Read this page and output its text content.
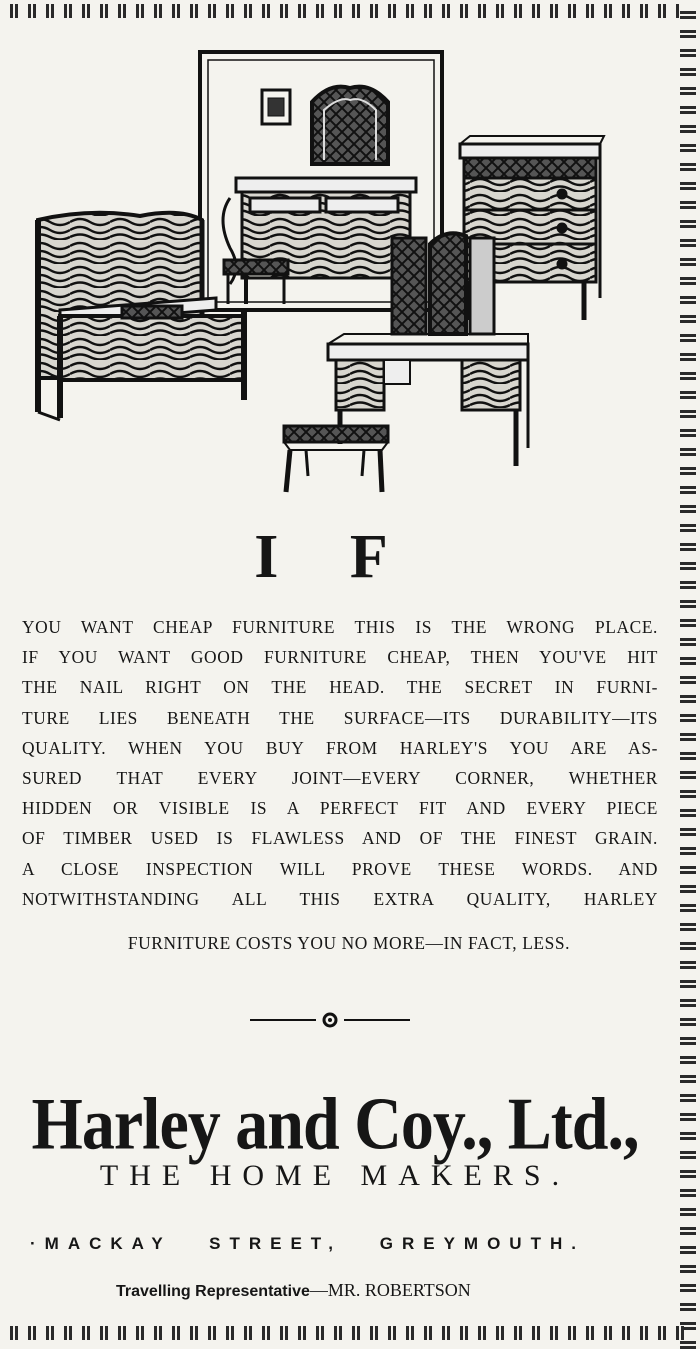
I F
YOU WANT CHEAP FURNITURE THIS IS THE WRONG PLACE.
IF YOU WANT GOOD FURNITURE CHEAP, THEN YOU'VE HIT
THE NAIL RIGHT ON THE HEAD. THE SECRET IN FURNI-
TURE LIES BENEATH THE SURFACE—ITS DURABILITY—ITS
QUALITY. WHEN YOU BUY FROM HARLEY'S YOU ARE AS-
SURED THAT EVERY JOINT—EVERY CORNER, WHETHER
HIDDEN OR VISIBLE IS A PERFECT FIT AND EVERY PIECE
OF TIMBER USED IS FLAWLESS AND OF THE FINEST GRAIN.
A CLOSE INSPECTION WILL PROVE THESE WORDS. AND
NOTWITHSTANDING ALL THIS EXTRA QUALITY, HARLEY
FURNITURE COSTS YOU NO MORE—IN FACT, LESS.
Harley and Coy., Ltd.,
THE HOME MAKERS.
·MACKAY STREET, GREYMOUTH.
Travelling Representative—MR. ROBERTSON
